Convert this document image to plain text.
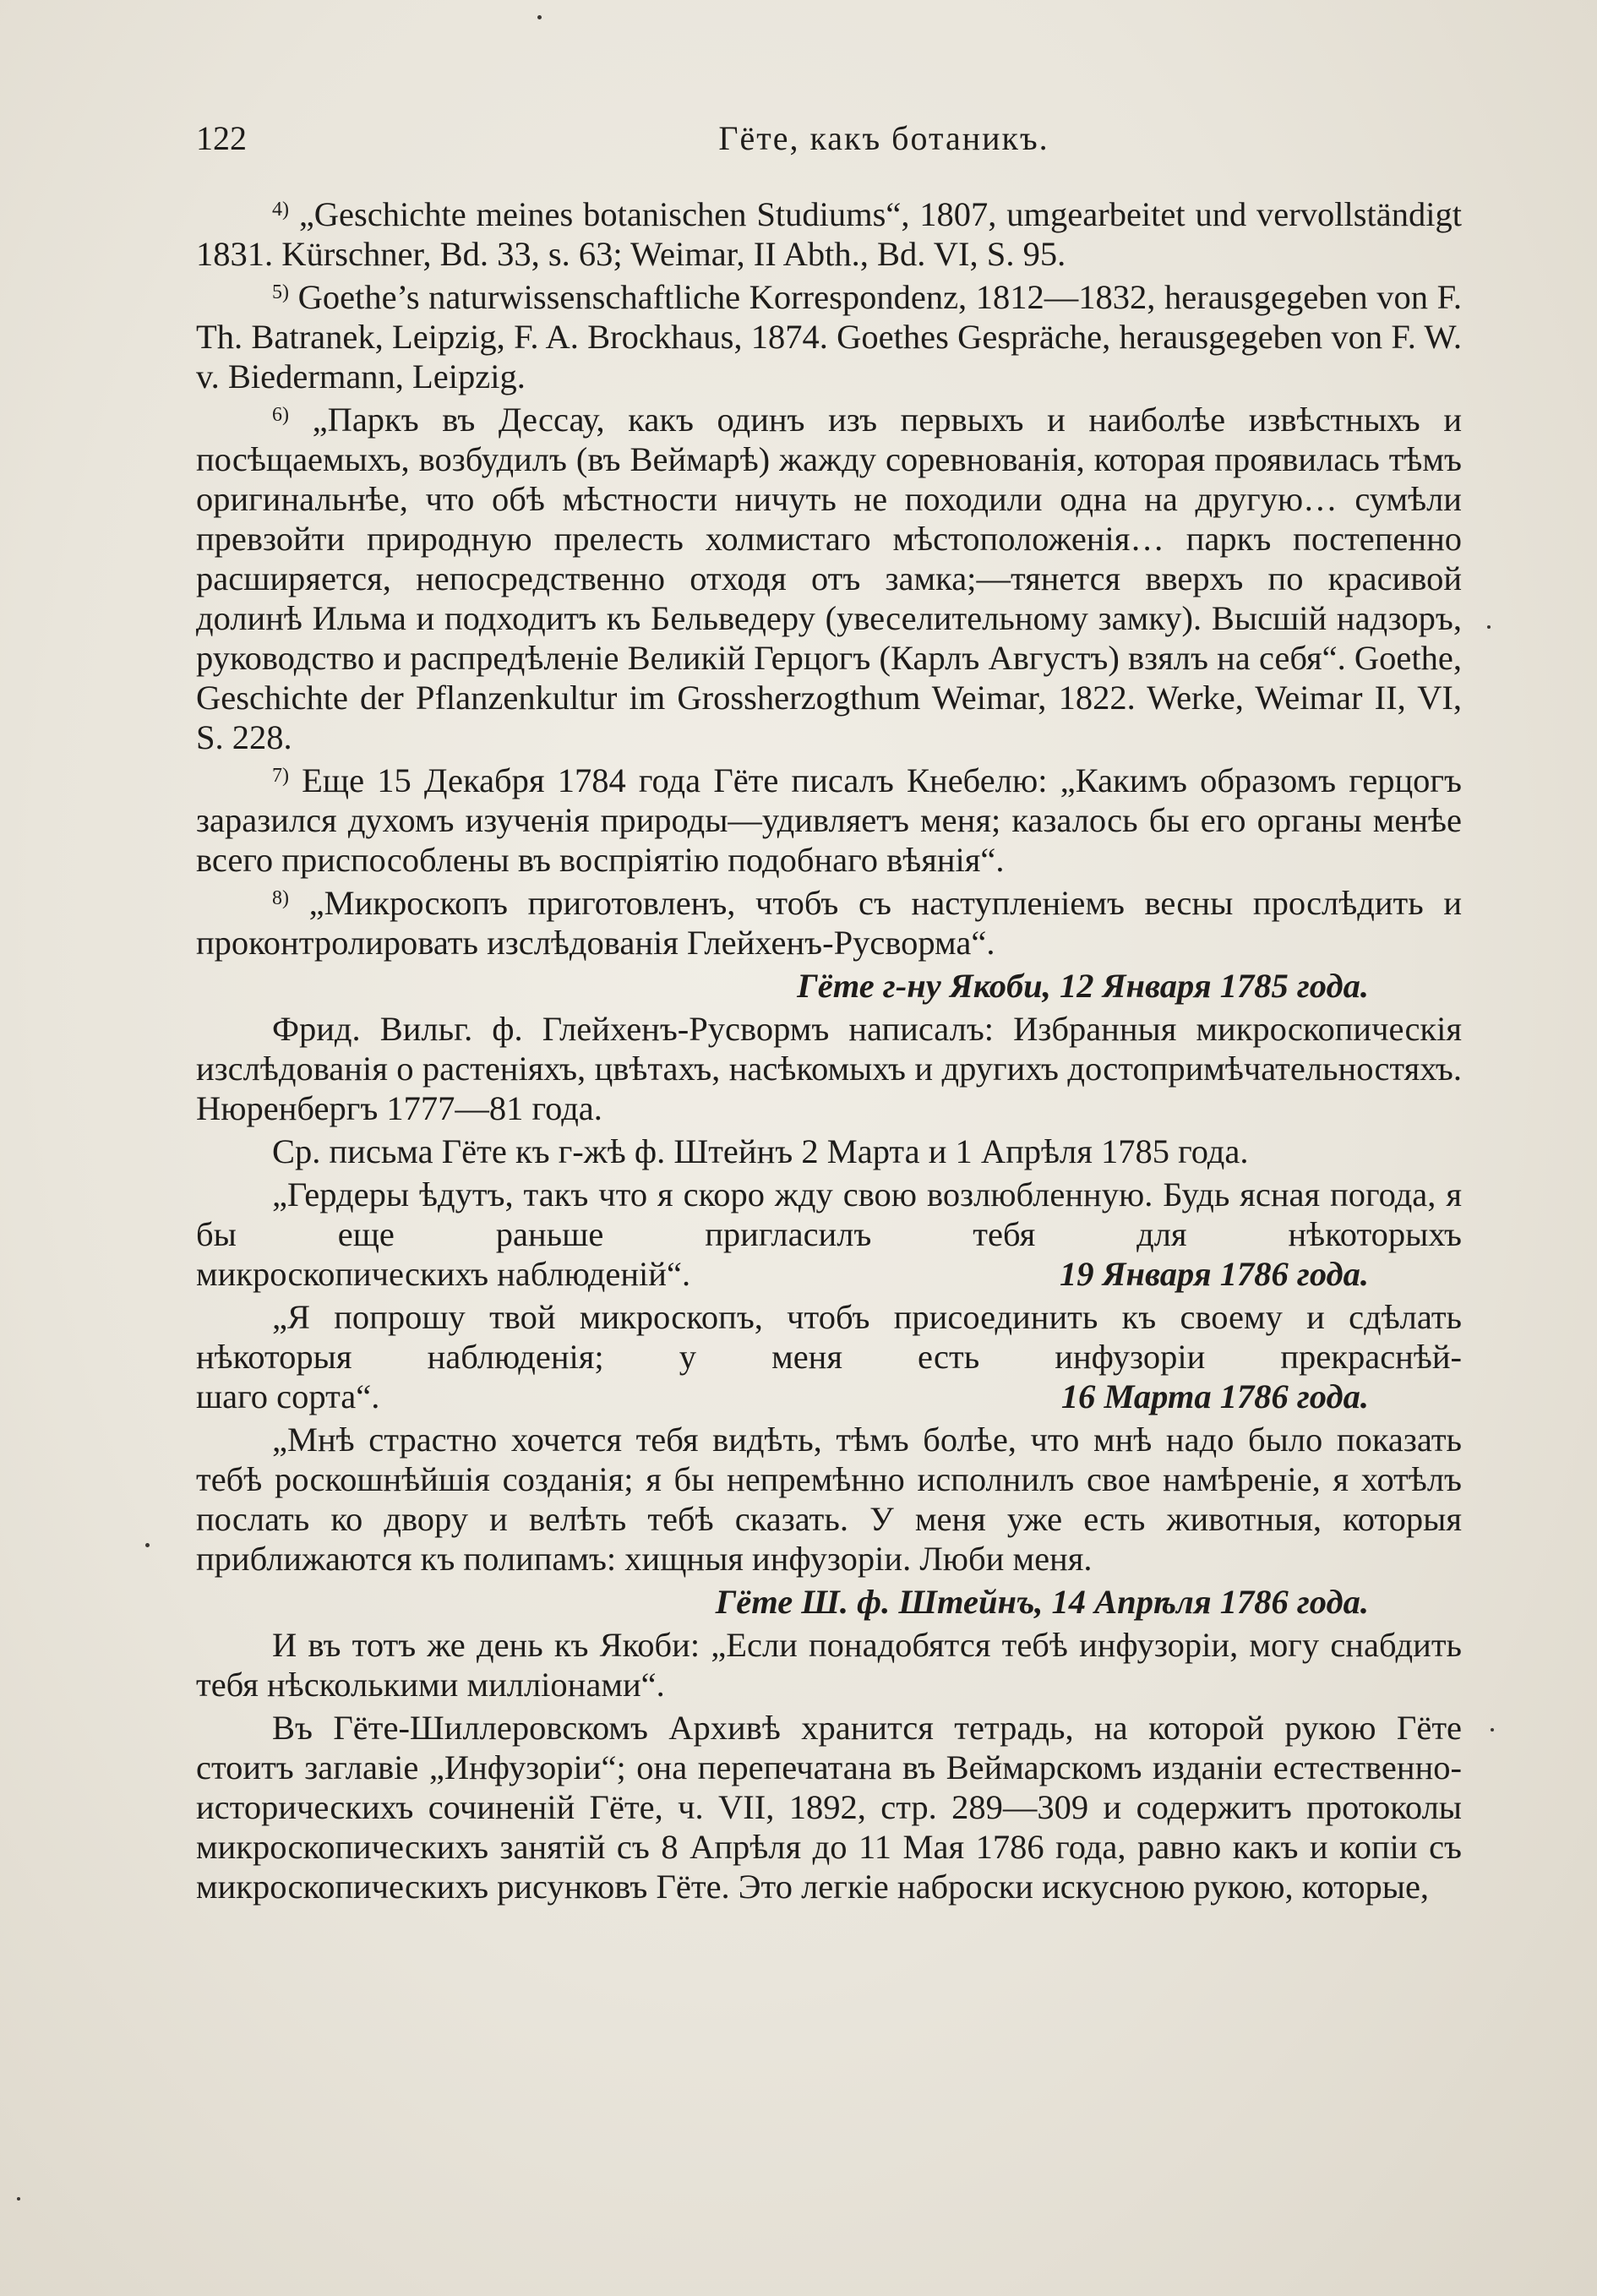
122	Гёте, какъ ботаникъ.

$^{4)}$ „Geschichte meines botanischen Studiums“, 1807, umgearbeitet und vervollständigt 1831. Kürschner, Bd. 33, s. 63; Weimar, II Abth., Bd. VI, S. 95.

$^{5)}$ Goethe’s naturwissenschaftliche Korrespondenz, 1812—1832, herausgegeben von F. Th. Batranek, Leipzig, F. A. Brockhaus, 1874. Goethes Gespräche, herausgegeben von F. W. v. Biedermann, Leipzig.

$^{6)}$ „Паркъ въ Дессау, какъ одинъ изъ первыхъ и наиболѣе извѣстныхъ и посѣщаемыхъ, возбудилъ (въ Веймарѣ) жажду соревнованія, которая проявилась тѣмъ оригинальнѣе, что обѣ мѣстности ничуть не походили одна на другую… сумѣли превзойти природную прелесть холмистаго мѣстоположенія… паркъ постепенно расширяется, непосредственно отходя отъ замка;—тянется вверхъ по красивой долинѣ Ильма и подходитъ къ Бельведеру (увеселительному замку). Высшій надзоръ, руководство и распредѣленіе Великій Герцогъ (Карлъ Августъ) взялъ на себя“. Goethe, Geschichte der Pflanzenkultur im Grossherzogthum Weimar, 1822. Werke, Weimar II, VI, S. 228.

$^{7)}$ Еще 15 Декабря 1784 года Гёте писалъ Кнебелю: „Какимъ образомъ герцогъ заразился духомъ изученія природы—удивляетъ меня; казалось бы его органы менѣе всего приспособлены въ воспріятію подобнаго вѣянія“.

$^{8)}$ „Микроскопъ приготовленъ, чтобъ съ наступленіемъ весны прослѣдить и проконтролировать изслѣдованія Глейхенъ-Русворма“.

Гёте г-ну Якоби, 12 Января 1785 года.

Фрид. Вильг. ф. Глейхенъ-Русвормъ написалъ: Избранныя микроскопическія изслѣдованія о растеніяхъ, цвѣтахъ, насѣкомыхъ и другихъ достопримѣчательностяхъ. Нюренбергъ 1777—81 года.

Ср. письма Гёте къ г-жѣ ф. Штейнъ 2 Марта и 1 Апрѣля 1785 года.

„Гердеры ѣдутъ, такъ что я скоро жду свою возлюбленную. Будь ясная погода, я бы еще раньше пригласилъ тебя для нѣкоторыхъ
микроскопическихъ наблюденій“.	19 Января 1786 года.
„Я попрошу твой микроскопъ, чтобъ присоединить къ своему и сдѣлать нѣкоторыя наблюденія; у меня есть инфузоріи прекраснѣй-
шаго сорта“.	16 Марта 1786 года.

„Мнѣ страстно хочется тебя видѣть, тѣмъ болѣе, что мнѣ надо было показать тебѣ роскошнѣйшія созданія; я бы непремѣнно исполнилъ свое намѣреніе, я хотѣлъ послать ко двору и велѣть тебѣ сказать. У меня уже есть животныя, которыя приближаются къ полипамъ: хищныя инфузоріи. Люби меня.

Гёте Ш. ф. Штейнъ, 14 Апрѣля 1786 года.

И въ тотъ же день къ Якоби: „Если понадобятся тебѣ инфузоріи, могу снабдить тебя нѣсколькими милліонами“.

Въ Гёте-Шиллеровскомъ Архивѣ хранится тетрадь, на которой рукою Гёте стоитъ заглавіе „Инфузоріи“; она перепечатана въ Веймарскомъ изданіи естественно-историческихъ сочиненій Гёте, ч. VII, 1892, стр. 289—309 и содержитъ протоколы микроскопическихъ занятій съ 8 Апрѣля до 11 Мая 1786 года, равно какъ и копіи съ микроскопическихъ рисунковъ Гёте. Это легкіе наброски искусною рукою, которые,
